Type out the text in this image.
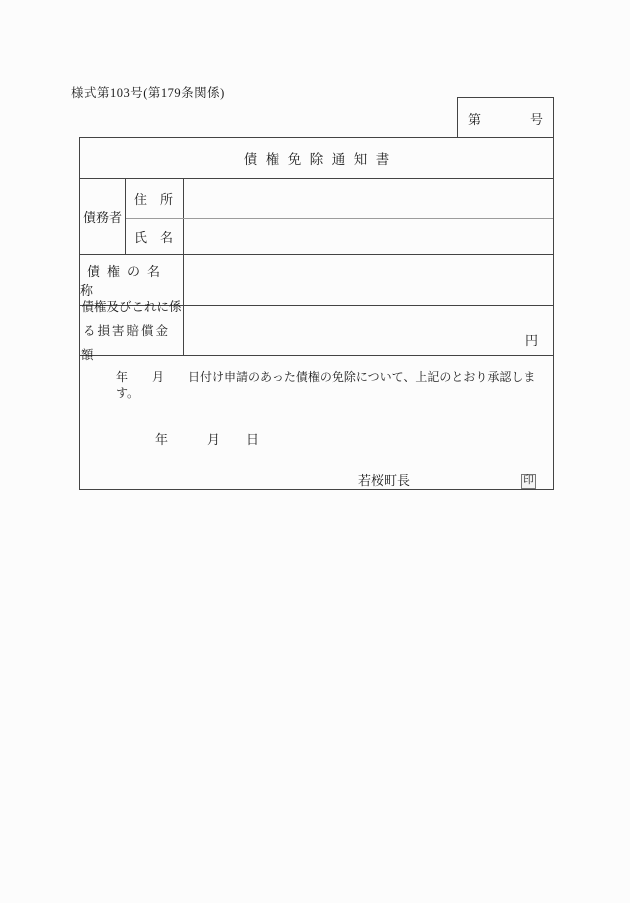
様式第103号(第179条関係)
第	号
債権免除通知書
債務者
住　所
氏　名
債権の名称
債権及びこれに係
る損害賠償金額
円
年　　月　　日付け申請のあった債権の免除について、上記のとおり承認します。
年　　　月　　日
若桜町長	印
